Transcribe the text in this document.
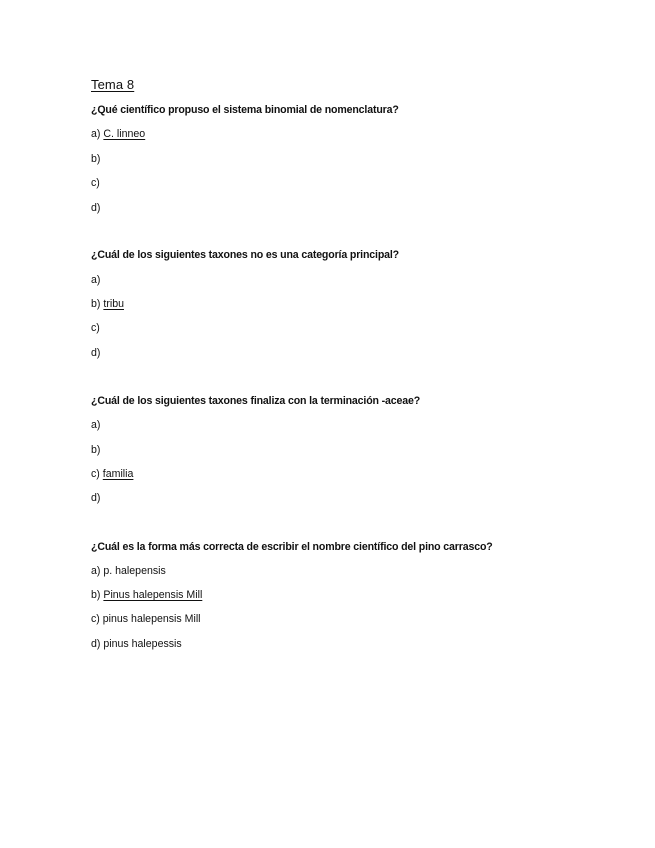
Tema 8
¿Qué científico propuso el sistema binomial de nomenclatura?
a) C. linneo
b)
c)
d)
¿Cuál de los siguientes taxones no es una categoría principal?
a)
b) tribu
c)
d)
¿Cuál de los siguientes taxones finaliza con la terminación -aceae?
a)
b)
c) familia
d)
¿Cuál es la forma más correcta de escribir el nombre científico del pino carrasco?
a) p. halepensis
b) Pinus halepensis Mill
c) pinus halepensis Mill
d) pinus halepessis
